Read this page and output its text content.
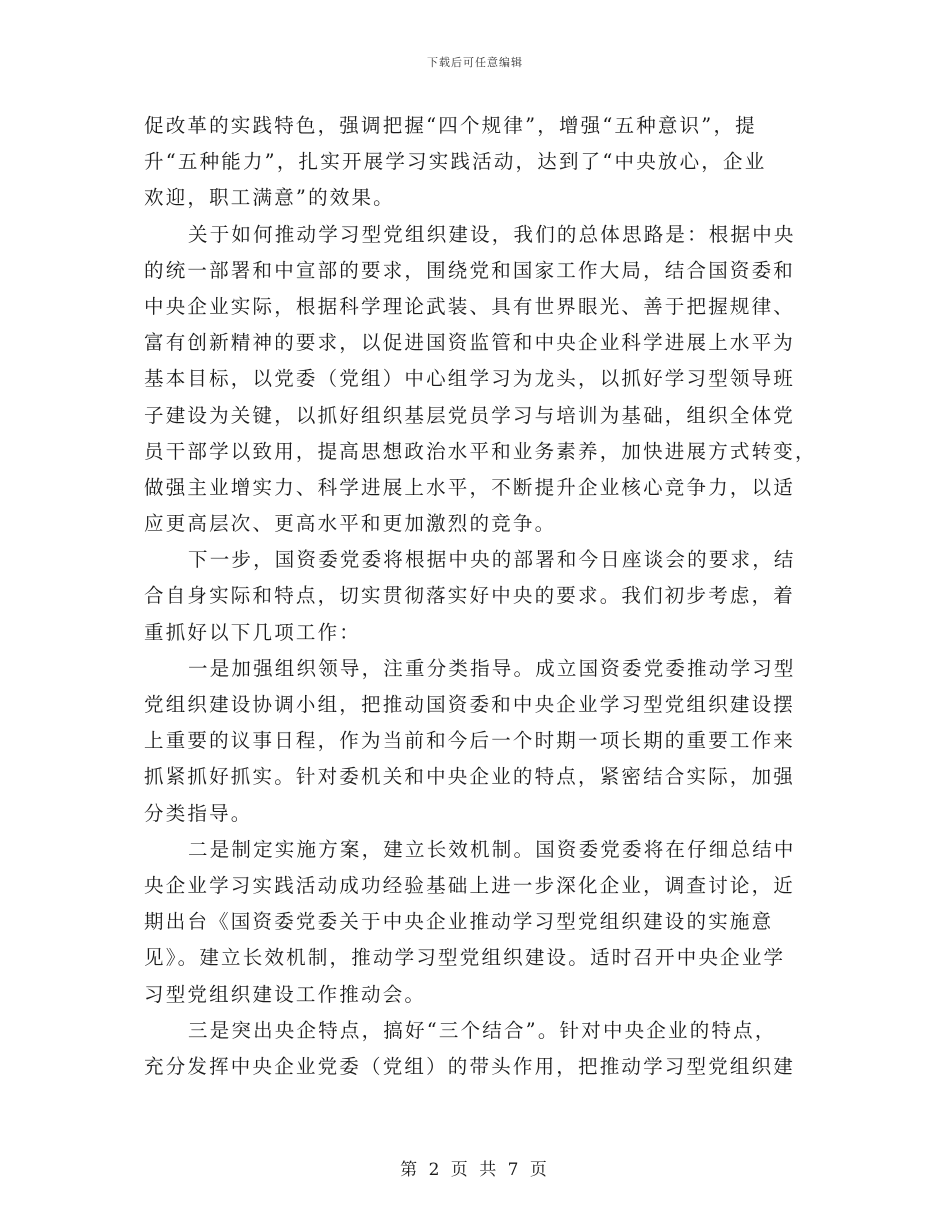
下载后可任意编辑
促改革的实践特色，强调把握“四个规律”，增强“五种意识”，提
升“五种能力”，扎实开展学习实践活动，达到了“中央放心，企业
欢迎，职工满意”的效果。
关于如何推动学习型党组织建设，我们的总体思路是：根据中央
的统一部署和中宣部的要求，围绕党和国家工作大局，结合国资委和
中央企业实际，根据科学理论武装、具有世界眼光、善于把握规律、
富有创新精神的要求，以促进国资监管和中央企业科学进展上水平为
基本目标，以党委（党组）中心组学习为龙头，以抓好学习型领导班
子建设为关键，以抓好组织基层党员学习与培训为基础，组织全体党
员干部学以致用，提高思想政治水平和业务素养，加快进展方式转变，
做强主业增实力、科学进展上水平，不断提升企业核心竞争力，以适
应更高层次、更高水平和更加激烈的竞争。
下一步，国资委党委将根据中央的部署和今日座谈会的要求，结
合自身实际和特点，切实贯彻落实好中央的要求。我们初步考虑，着
重抓好以下几项工作：
一是加强组织领导，注重分类指导。成立国资委党委推动学习型
党组织建设协调小组，把推动国资委和中央企业学习型党组织建设摆
上重要的议事日程，作为当前和今后一个时期一项长期的重要工作来
抓紧抓好抓实。针对委机关和中央企业的特点，紧密结合实际，加强
分类指导。
二是制定实施方案，建立长效机制。国资委党委将在仔细总结中
央企业学习实践活动成功经验基础上进一步深化企业，调查讨论，近
期出台《国资委党委关于中央企业推动学习型党组织建设的实施意
见》。建立长效机制，推动学习型党组织建设。适时召开中央企业学
习型党组织建设工作推动会。
三是突出央企特点，搞好“三个结合”。针对中央企业的特点，
充分发挥中央企业党委（党组）的带头作用，把推动学习型党组织建
第 2 页 共 7 页
